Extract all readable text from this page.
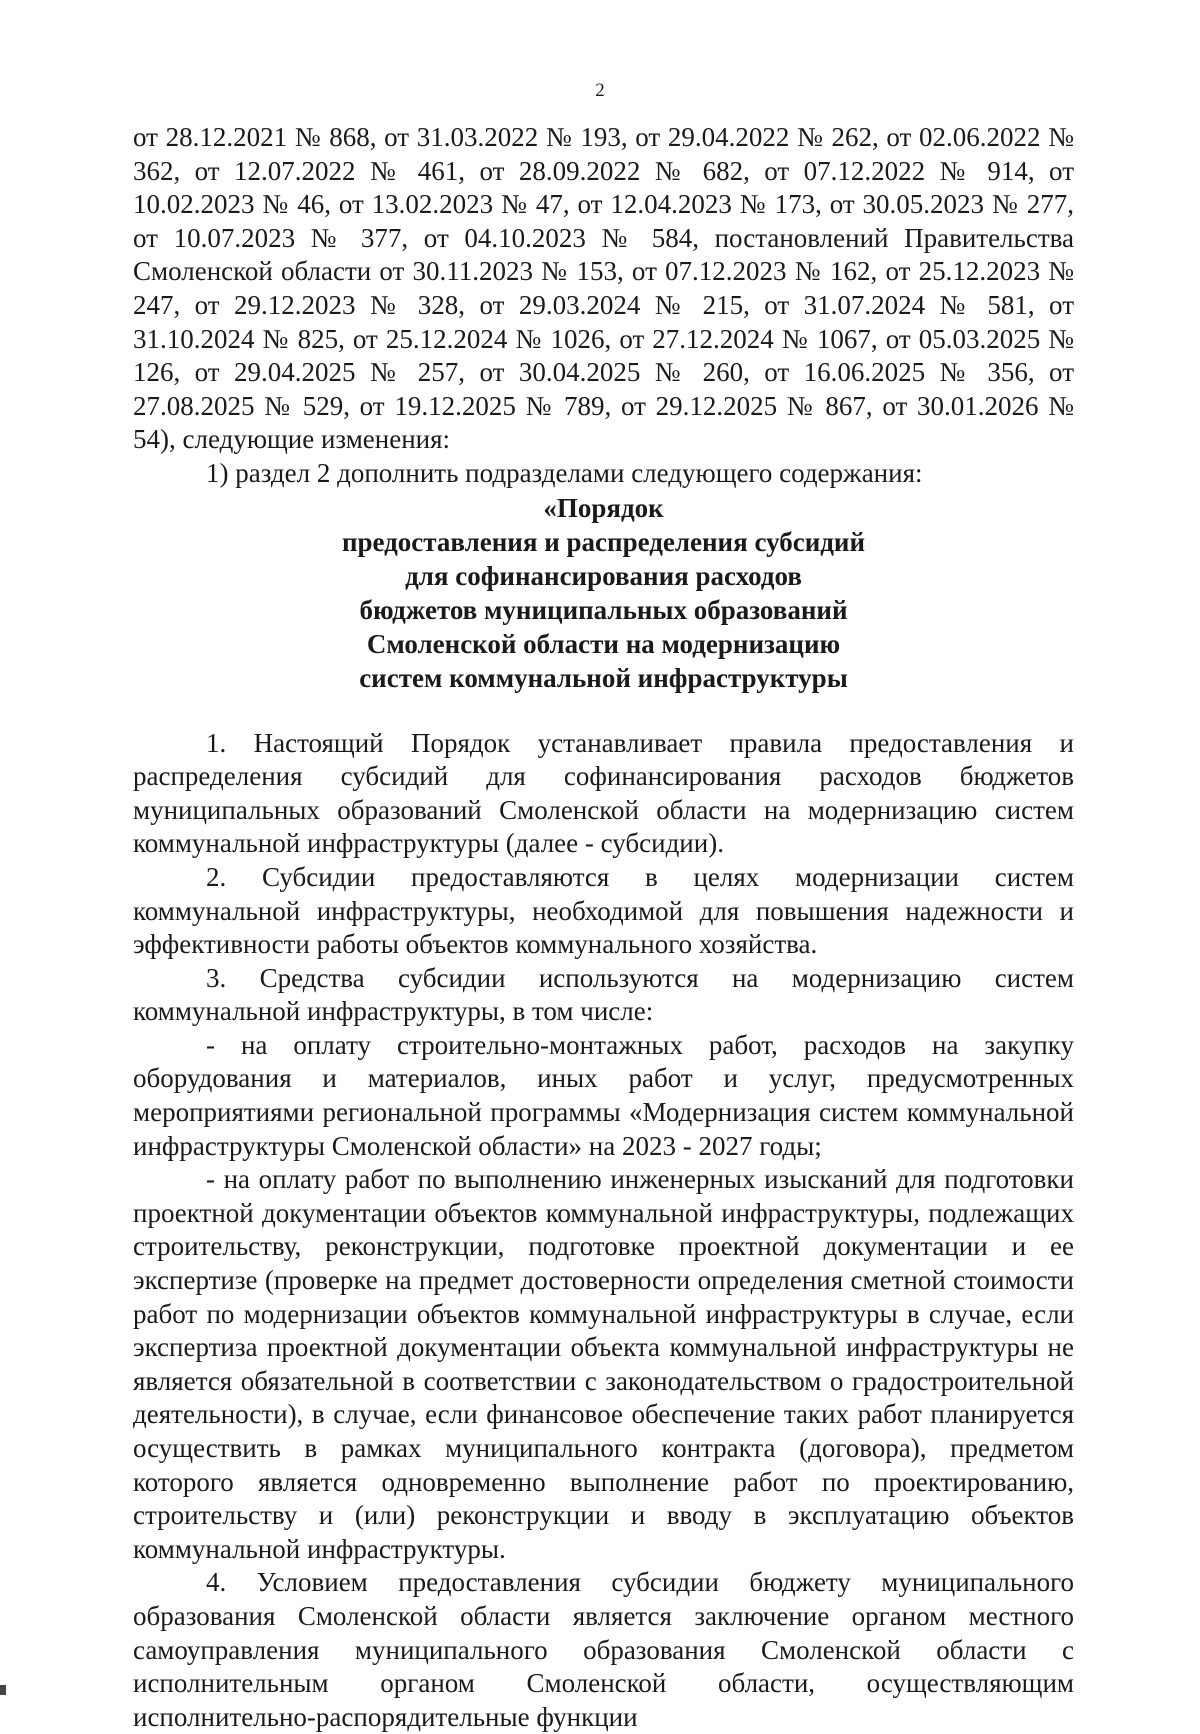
2

от 28.12.2021 № 868, от 31.03.2022 № 193, от 29.04.2022 № 262, от 02.06.2022 № 362, от 12.07.2022 № 461, от 28.09.2022 № 682, от 07.12.2022 № 914, от 10.02.2023 № 46, от 13.02.2023 № 47, от 12.04.2023 № 173, от 30.05.2023 № 277, от 10.07.2023 № 377, от 04.10.2023 № 584, постановлений Правительства Смоленской области от 30.11.2023 № 153, от 07.12.2023 № 162, от 25.12.2023 № 247, от 29.12.2023 № 328, от 29.03.2024 № 215, от 31.07.2024 № 581, от 31.10.2024 № 825, от 25.12.2024 № 1026, от 27.12.2024 № 1067, от 05.03.2025 № 126, от 29.04.2025 № 257, от 30.04.2025 № 260, от 16.06.2025 № 356, от 27.08.2025 № 529, от 19.12.2025 № 789, от 29.12.2025 № 867, от 30.01.2026 № 54), следующие изменения:

1) раздел 2 дополнить подразделами следующего содержания:

«Порядок
предоставления и распределения субсидий
для софинансирования расходов
бюджетов муниципальных образований
Смоленской области на модернизацию
систем коммунальной инфраструктуры

1. Настоящий Порядок устанавливает правила предоставления и распределения субсидий для софинансирования расходов бюджетов муниципальных образований Смоленской области на модернизацию систем коммунальной инфраструктуры (далее - субсидии).

2. Субсидии предоставляются в целях модернизации систем коммунальной инфраструктуры, необходимой для повышения надежности и эффективности работы объектов коммунального хозяйства.

3. Средства субсидии используются на модернизацию систем коммунальной инфраструктуры, в том числе:

- на оплату строительно-монтажных работ, расходов на закупку оборудования и материалов, иных работ и услуг, предусмотренных мероприятиями региональной программы «Модернизация систем коммунальной инфраструктуры Смоленской области» на 2023 - 2027 годы;

- на оплату работ по выполнению инженерных изысканий для подготовки проектной документации объектов коммунальной инфраструктуры, подлежащих строительству, реконструкции, подготовке проектной документации и ее экспертизе (проверке на предмет достоверности определения сметной стоимости работ по модернизации объектов коммунальной инфраструктуры в случае, если экспертиза проектной документации объекта коммунальной инфраструктуры не является обязательной в соответствии с законодательством о градостроительной деятельности), в случае, если финансовое обеспечение таких работ планируется осуществить в рамках муниципального контракта (договора), предметом которого является одновременно выполнение работ по проектированию, строительству и (или) реконструкции и вводу в эксплуатацию объектов коммунальной инфраструктуры.

4. Условием предоставления субсидии бюджету муниципального образования Смоленской области является заключение органом местного самоуправления муниципального образования Смоленской области с исполнительным органом Смоленской области, осуществляющим исполнительно-распорядительные функции
